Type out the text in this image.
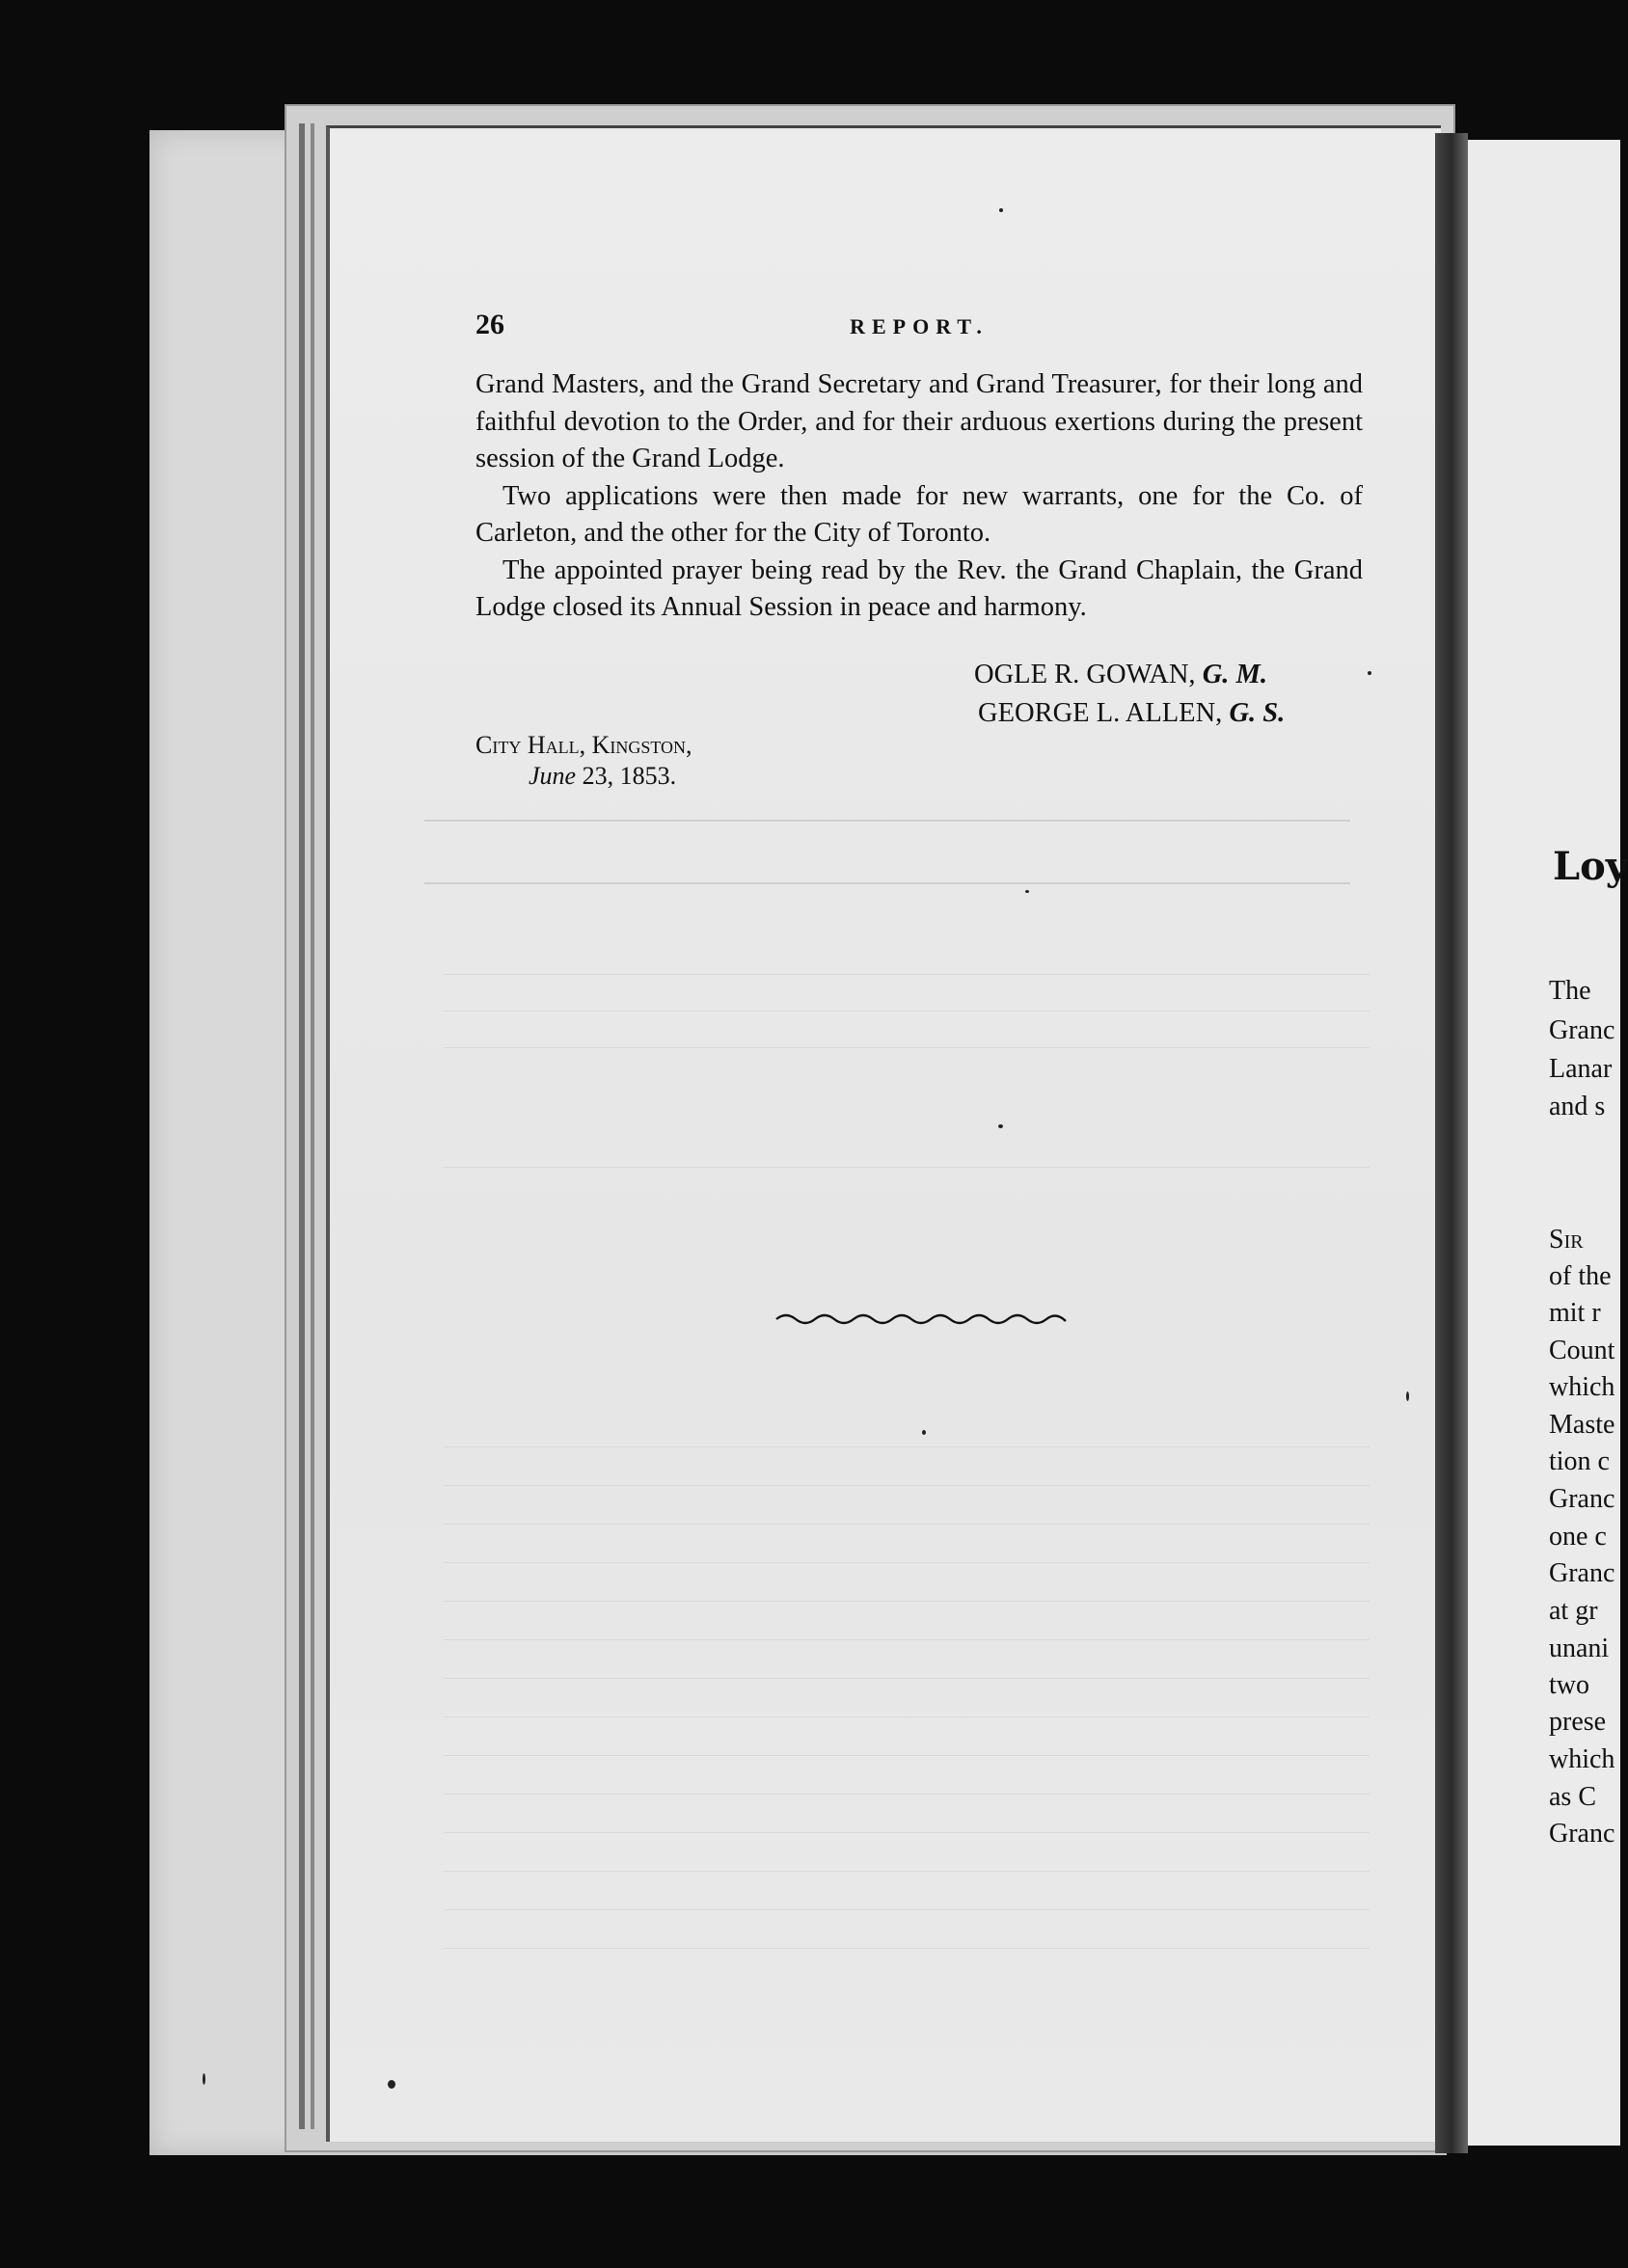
26	REPORT.

Grand Masters, and the Grand Secretary and Grand Treasurer, for their long and faithful devotion to the Order, and for their arduous exertions during the present session of the Grand Lodge.

Two applications were then made for new warrants, one for the Co. of Carleton, and the other for the City of Toronto.

The appointed prayer being read by the Rev. the Grand Chaplain, the Grand Lodge closed its Annual Session in peace and harmony.

OGLE R. GOWAN, G. M.
GEORGE L. ALLEN, G. S.
City Hall, Kingston,
June 23, 1853.
Loy
The
Granc
Lanar
and s
Sir
of the
mit r
Count
which
Maste
tion c
Granc
one c
Granc
at gr
unani
two
prese
which
as C
Granc
